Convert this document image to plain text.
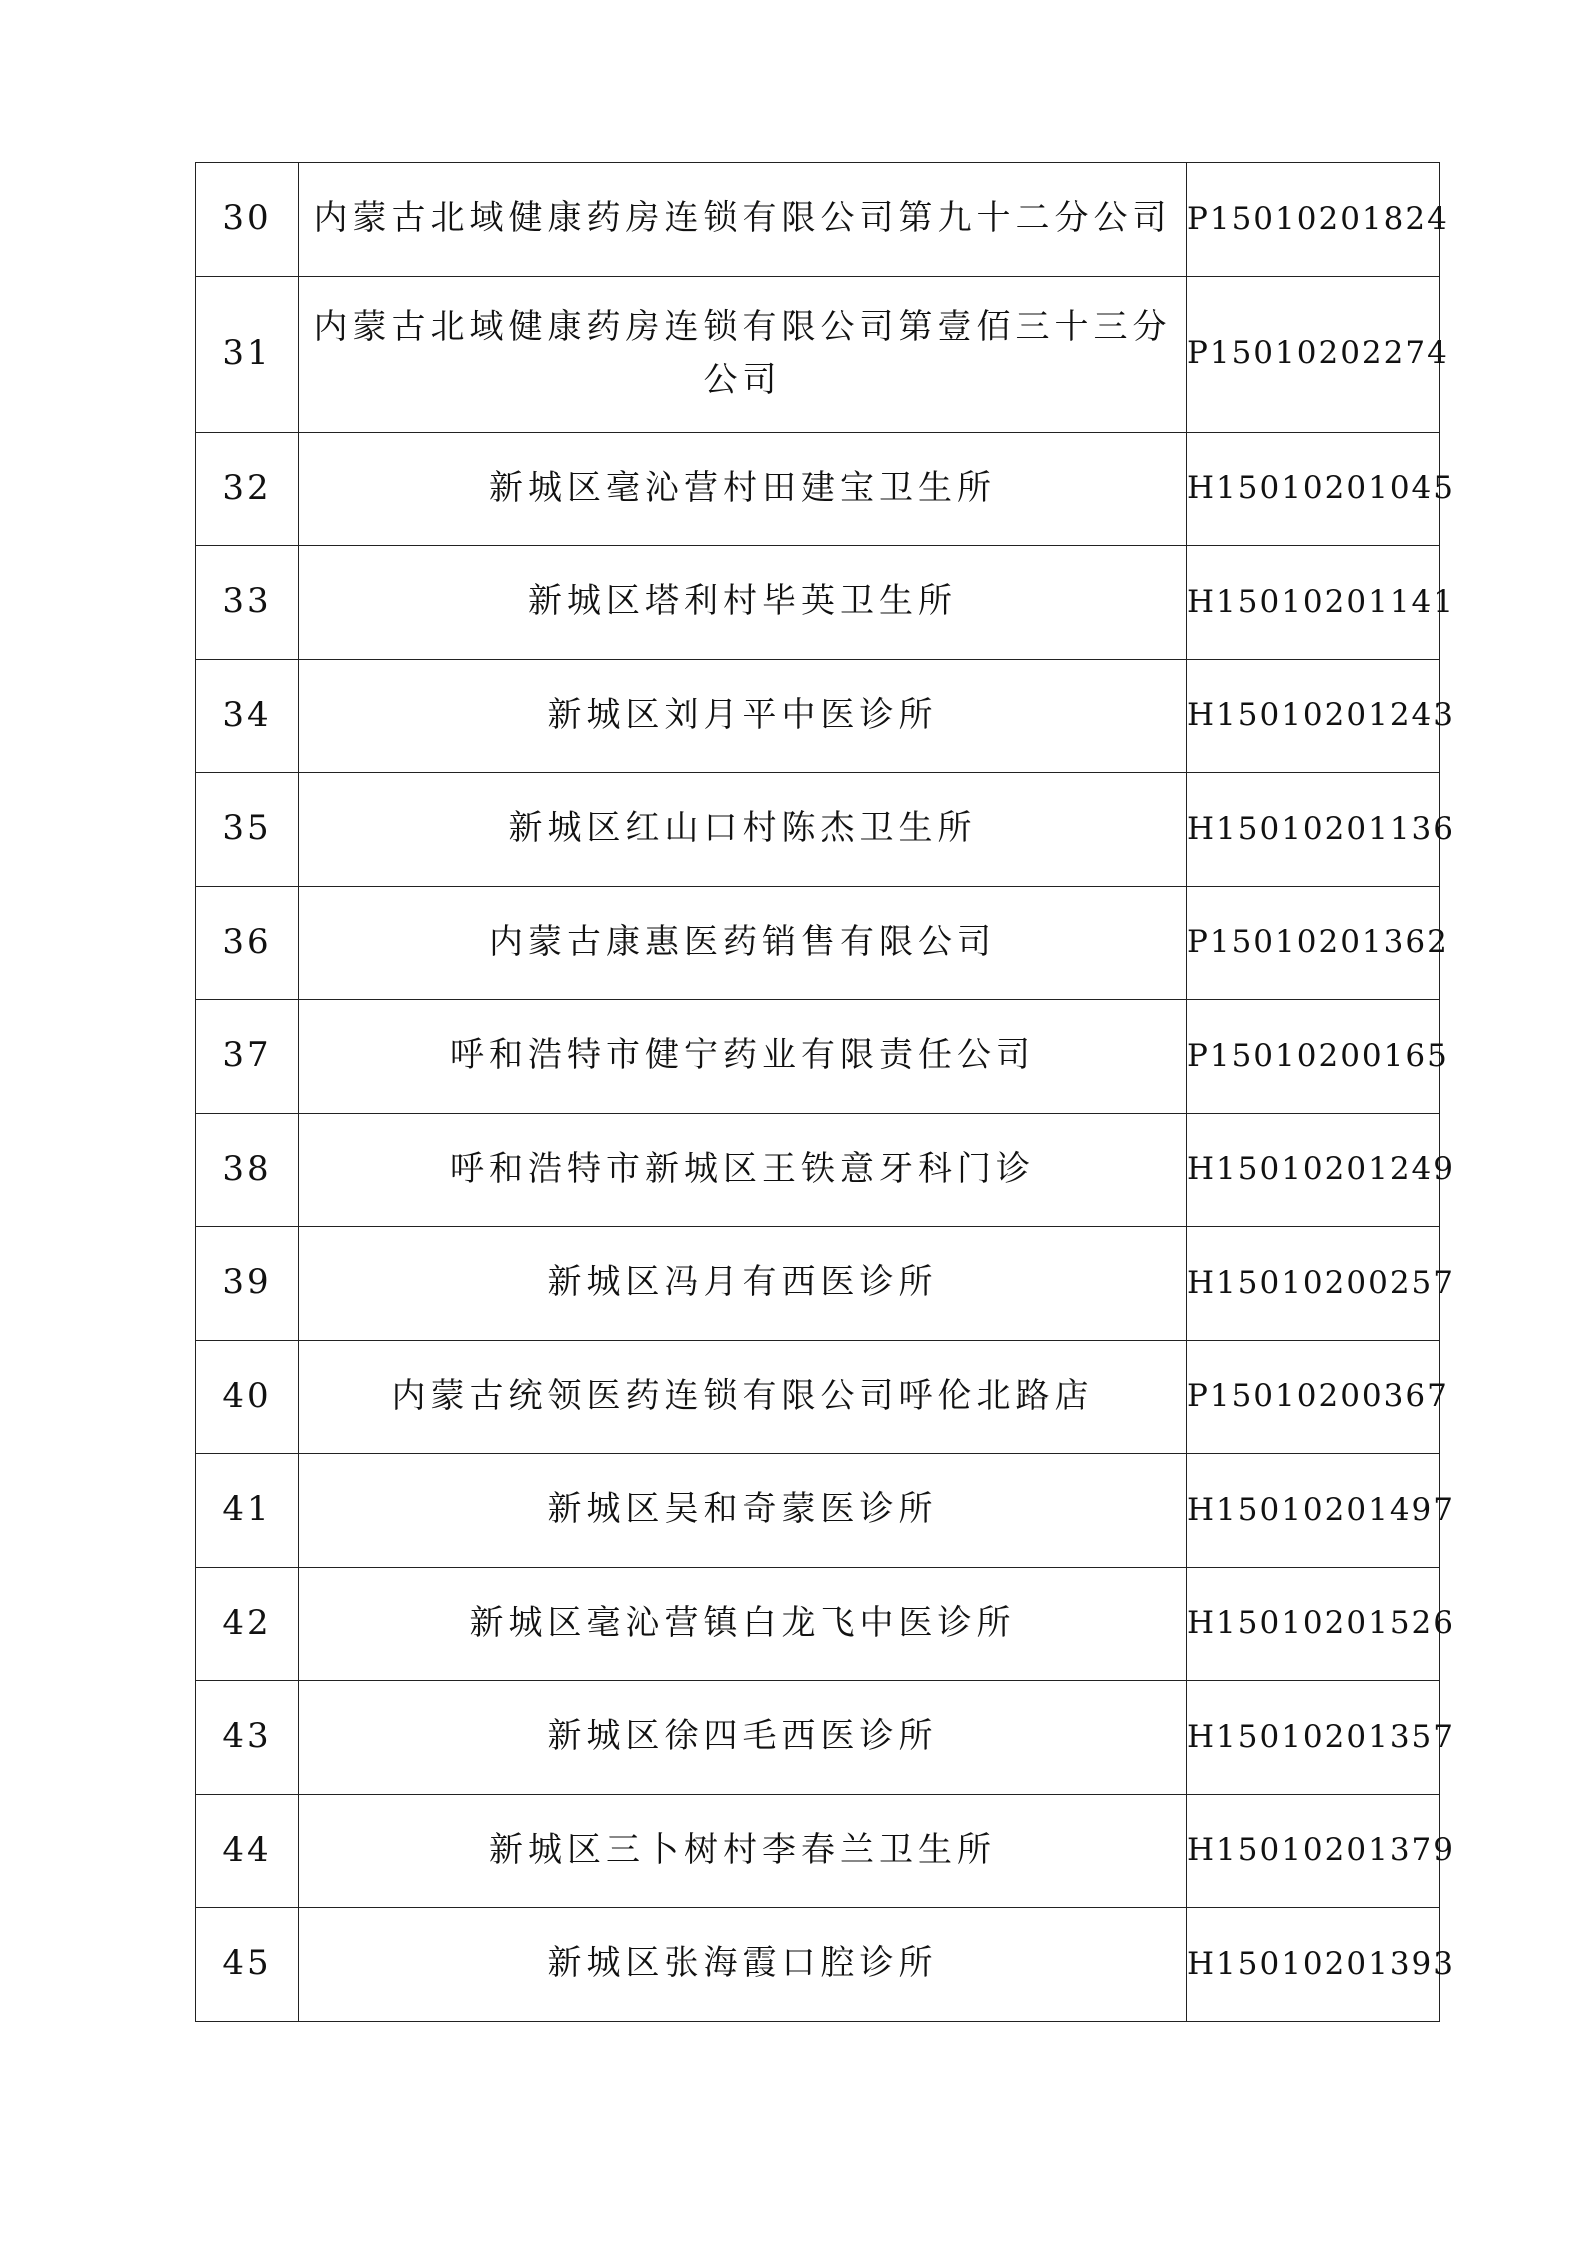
30	内蒙古北域健康药房连锁有限公司第九十二分公司	P15010201824
31	内蒙古北域健康药房连锁有限公司第壹佰三十三分公司	P15010202274
32	新城区毫沁营村田建宝卫生所	H15010201045
33	新城区塔利村毕英卫生所	H15010201141
34	新城区刘月平中医诊所	H15010201243
35	新城区红山口村陈杰卫生所	H15010201136
36	内蒙古康惠医药销售有限公司	P15010201362
37	呼和浩特市健宁药业有限责任公司	P15010200165
38	呼和浩特市新城区王铁意牙科门诊	H15010201249
39	新城区冯月有西医诊所	H15010200257
40	内蒙古统领医药连锁有限公司呼伦北路店	P15010200367
41	新城区吴和奇蒙医诊所	H15010201497
42	新城区毫沁营镇白龙飞中医诊所	H15010201526
43	新城区徐四毛西医诊所	H15010201357
44	新城区三卜树村李春兰卫生所	H15010201379
45	新城区张海霞口腔诊所	H15010201393
